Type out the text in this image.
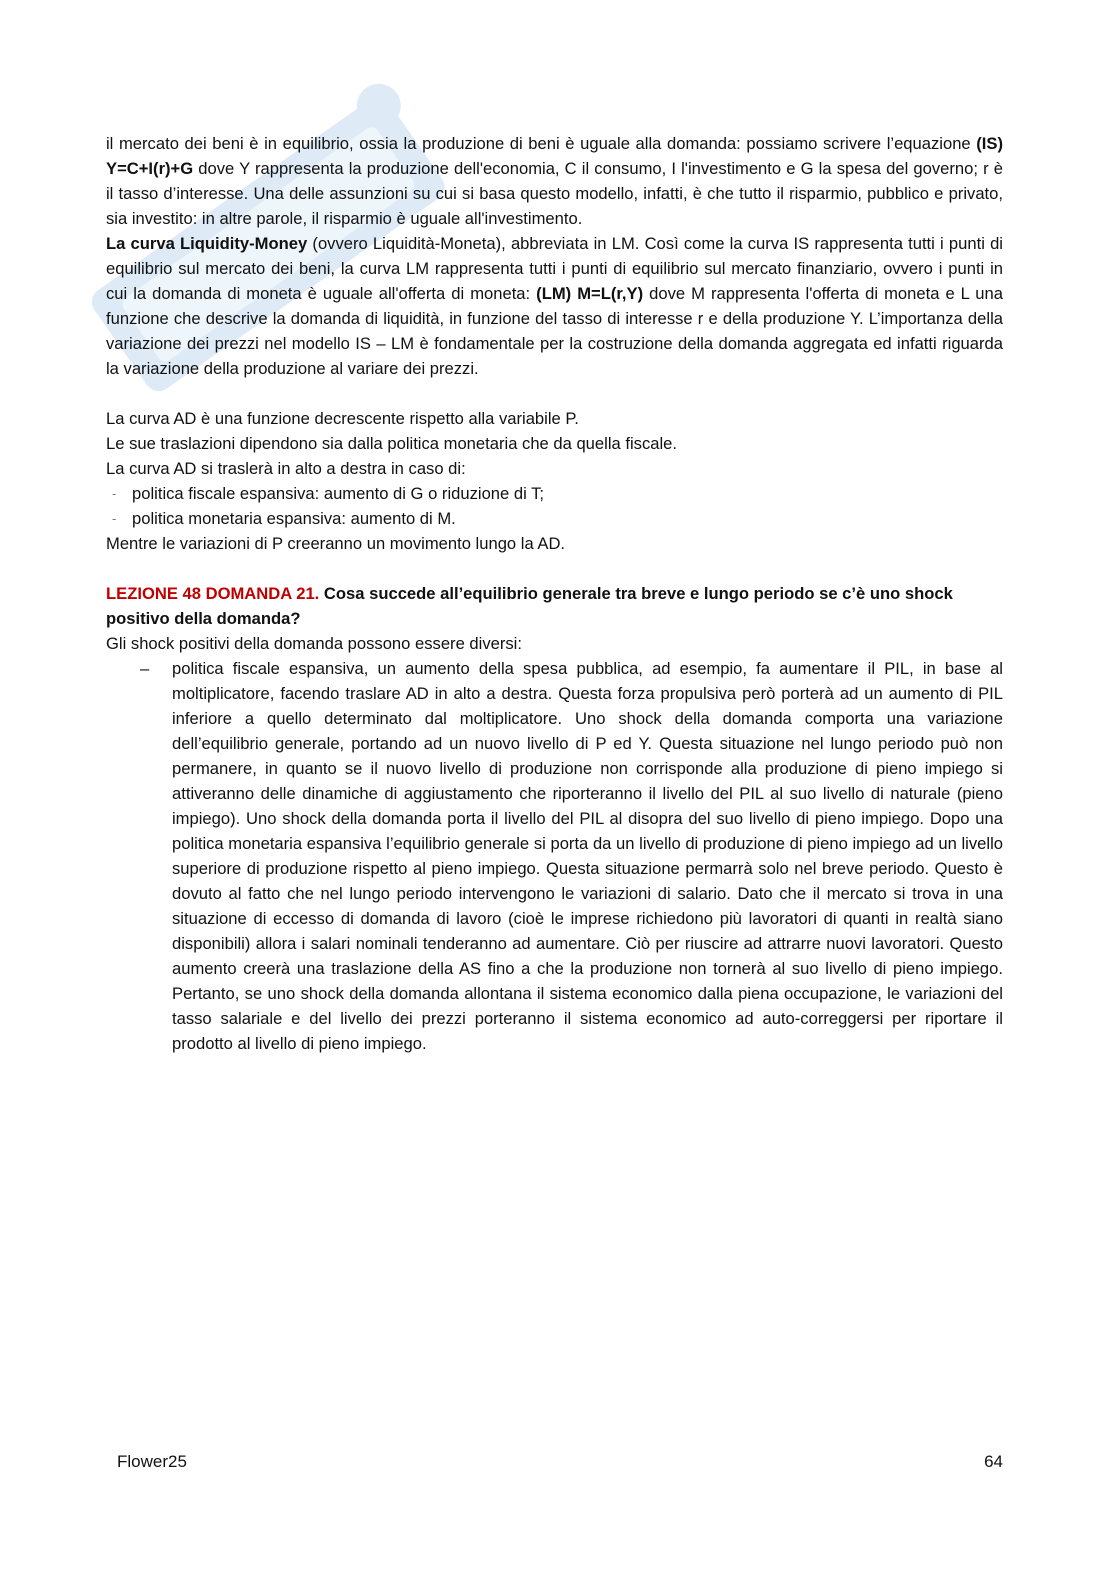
il mercato dei beni è in equilibrio, ossia la produzione di beni è uguale alla domanda: possiamo scrivere l’equazione (IS) Y=C+I(r)+G dove Y rappresenta la produzione dell'economia, C il consumo, I l'investimento e G la spesa del governo; r è il tasso d’interesse. Una delle assunzioni su cui si basa questo modello, infatti, è che tutto il risparmio, pubblico e privato, sia investito: in altre parole, il risparmio è uguale all'investimento.

La curva Liquidity-Money (ovvero Liquidità-Moneta), abbreviata in LM. Così come la curva IS rappresenta tutti i punti di equilibrio sul mercato dei beni, la curva LM rappresenta tutti i punti di equilibrio sul mercato finanziario, ovvero i punti in cui la domanda di moneta è uguale all'offerta di moneta: (LM) M=L(r,Y) dove M rappresenta l'offerta di moneta e L una funzione che descrive la domanda di liquidità, in funzione del tasso di interesse r e della produzione Y. L’importanza della variazione dei prezzi nel modello IS – LM è fondamentale per la costruzione della domanda aggregata ed infatti riguarda la variazione della produzione al variare dei prezzi.

La curva AD è una funzione decrescente rispetto alla variabile P.

Le sue traslazioni dipendono sia dalla politica monetaria che da quella fiscale.

La curva AD si traslerà in alto a destra in caso di:

- politica fiscale espansiva: aumento di G o riduzione di T;
- politica monetaria espansiva: aumento di M.

Mentre le variazioni di P creeranno un movimento lungo la AD.

LEZIONE 48 DOMANDA 21. Cosa succede all’equilibrio generale tra breve e lungo periodo se c’è uno shock positivo della domanda?

Gli shock positivi della domanda possono essere diversi:

– politica fiscale espansiva, un aumento della spesa pubblica, ad esempio, fa aumentare il PIL, in base al moltiplicatore, facendo traslare AD in alto a destra. Questa forza propulsiva però porterà ad un aumento di PIL inferiore a quello determinato dal moltiplicatore. Uno shock della domanda comporta una variazione dell’equilibrio generale, portando ad un nuovo livello di P ed Y. Questa situazione nel lungo periodo può non permanere, in quanto se il nuovo livello di produzione non corrisponde alla produzione di pieno impiego si attiveranno delle dinamiche di aggiustamento che riporteranno il livello del PIL al suo livello di naturale (pieno impiego). Uno shock della domanda porta il livello del PIL al disopra del suo livello di pieno impiego. Dopo una politica monetaria espansiva l’equilibrio generale si porta da un livello di produzione di pieno impiego ad un livello superiore di produzione rispetto al pieno impiego. Questa situazione permarrà solo nel breve periodo. Questo è dovuto al fatto che nel lungo periodo intervengono le variazioni di salario. Dato che il mercato si trova in una situazione di eccesso di domanda di lavoro (cioè le imprese richiedono più lavoratori di quanti in realtà siano disponibili) allora i salari nominali tenderanno ad aumentare. Ciò per riuscire ad attrarre nuovi lavoratori. Questo aumento creerà una traslazione della AS fino a che la produzione non tornerà al suo livello di pieno impiego. Pertanto, se uno shock della domanda allontana il sistema economico dalla piena occupazione, le variazioni del tasso salariale e del livello dei prezzi porteranno il sistema economico ad auto-correggersi per riportare il prodotto al livello di pieno impiego.
Flower25	64
